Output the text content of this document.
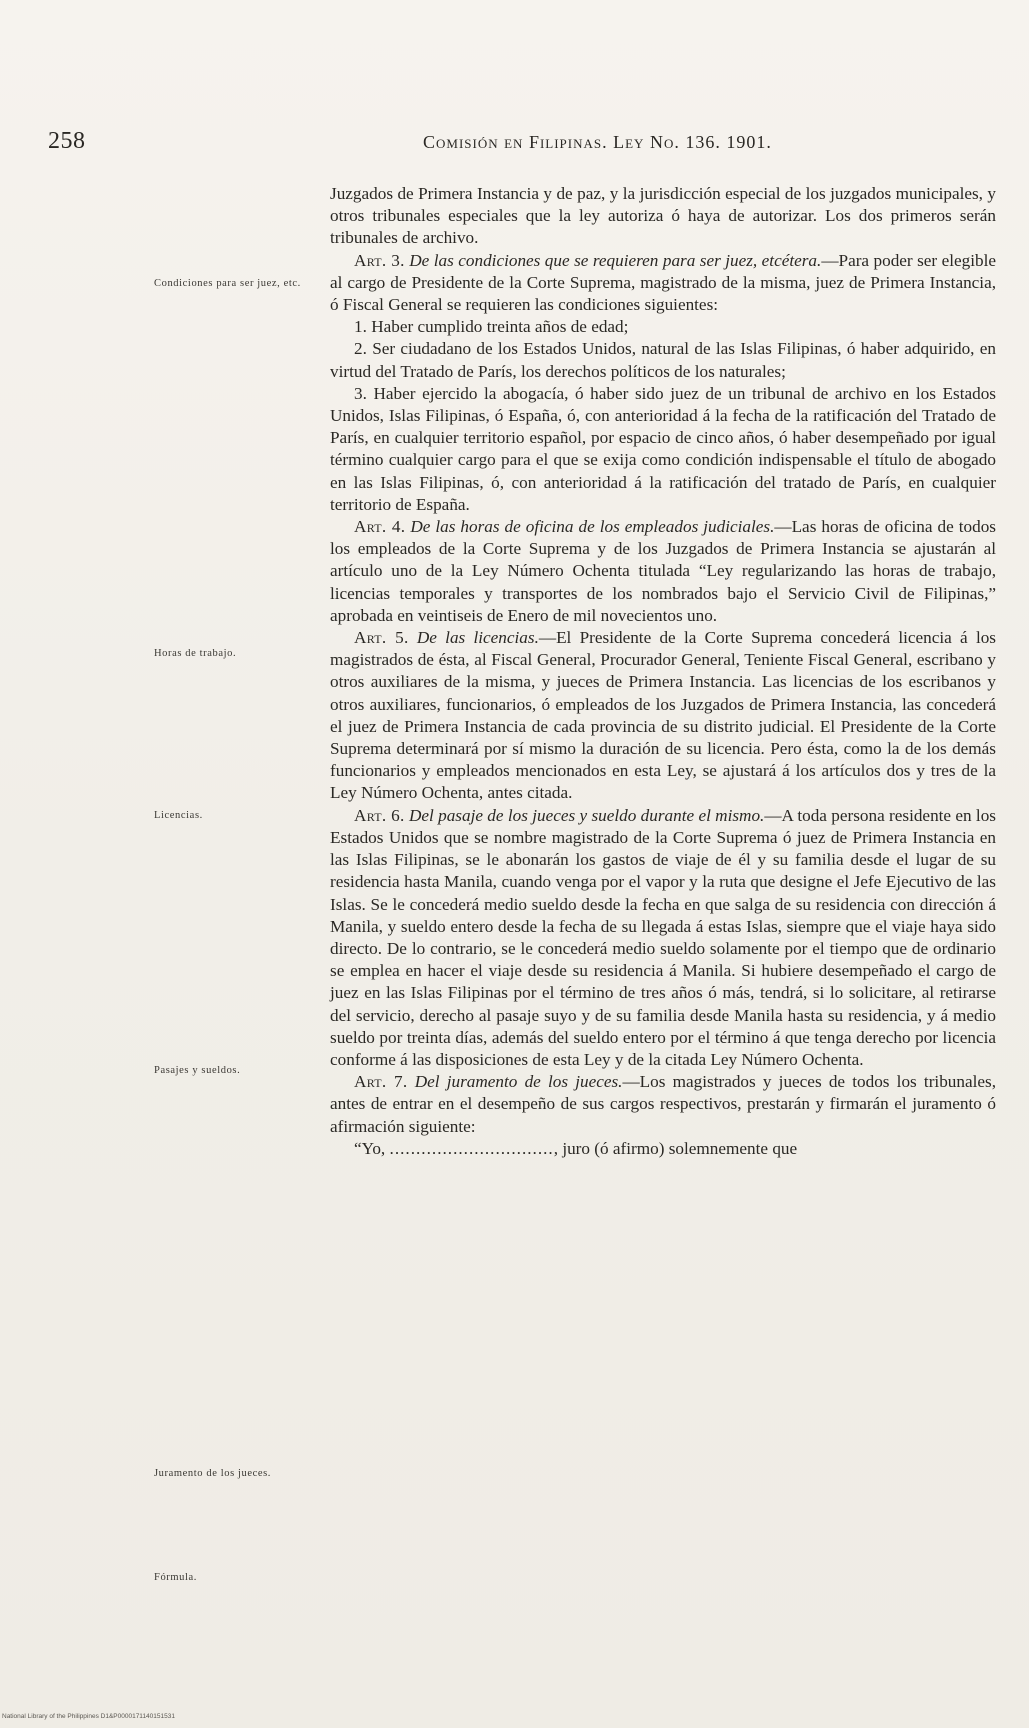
258	Comisión en Filipinas. Ley No. 136. 1901.
Condiciones para ser juez, etc.
Horas de trabajo.
Licencias.
Pasajes y sueldos.
Juramento de los jueces.
Fórmula.

Juzgados de Primera Instancia y de paz, y la jurisdicción especial de los juzgados municipales, y otros tribunales especiales que la ley autoriza ó haya de autorizar. Los dos primeros serán tribunales de archivo.

Art. 3. De las condiciones que se requieren para ser juez, etcétera.—Para poder ser elegible al cargo de Presidente de la Corte Suprema, magistrado de la misma, juez de Primera Instancia, ó Fiscal General se requieren las condiciones siguientes:

1. Haber cumplido treinta años de edad;

2. Ser ciudadano de los Estados Unidos, natural de las Islas Filipinas, ó haber adquirido, en virtud del Tratado de París, los derechos políticos de los naturales;

3. Haber ejercido la abogacía, ó haber sido juez de un tribunal de archivo en los Estados Unidos, Islas Filipinas, ó España, ó, con anterioridad á la fecha de la ratificación del Tratado de París, en cualquier territorio español, por espacio de cinco años, ó haber desempeñado por igual término cualquier cargo para el que se exija como condición indispensable el título de abogado en las Islas Filipinas, ó, con anterioridad á la ratificación del tratado de París, en cualquier territorio de España.

Art. 4. De las horas de oficina de los empleados judiciales.—Las horas de oficina de todos los empleados de la Corte Suprema y de los Juzgados de Primera Instancia se ajustarán al artículo uno de la Ley Número Ochenta titulada “Ley regularizando las horas de trabajo, licencias temporales y transportes de los nombrados bajo el Servicio Civil de Filipinas,” aprobada en veintiseis de Enero de mil novecientos uno.

Art. 5. De las licencias.—El Presidente de la Corte Suprema concederá licencia á los magistrados de ésta, al Fiscal General, Procurador General, Teniente Fiscal General, escribano y otros auxiliares de la misma, y jueces de Primera Instancia. Las licencias de los escribanos y otros auxiliares, funcionarios, ó empleados de los Juzgados de Primera Instancia, las concederá el juez de Primera Instancia de cada provincia de su distrito judicial. El Presidente de la Corte Suprema determinará por sí mismo la duración de su licencia. Pero ésta, como la de los demás funcionarios y empleados mencionados en esta Ley, se ajustará á los artículos dos y tres de la Ley Número Ochenta, antes citada.

Art. 6. Del pasaje de los jueces y sueldo durante el mismo.—A toda persona residente en los Estados Unidos que se nombre magistrado de la Corte Suprema ó juez de Primera Instancia en las Islas Filipinas, se le abonarán los gastos de viaje de él y su familia desde el lugar de su residencia hasta Manila, cuando venga por el vapor y la ruta que designe el Jefe Ejecutivo de las Islas. Se le concederá medio sueldo desde la fecha en que salga de su residencia con dirección á Manila, y sueldo entero desde la fecha de su llegada á estas Islas, siempre que el viaje haya sido directo. De lo contrario, se le concederá medio sueldo solamente por el tiempo que de ordinario se emplea en hacer el viaje desde su residencia á Manila. Si hubiere desempeñado el cargo de juez en las Islas Filipinas por el término de tres años ó más, tendrá, si lo solicitare, al retirarse del servicio, derecho al pasaje suyo y de su familia desde Manila hasta su residencia, y á medio sueldo por treinta días, además del sueldo entero por el término á que tenga derecho por licencia conforme á las disposiciones de esta Ley y de la citada Ley Número Ochenta.

Art. 7. Del juramento de los jueces.—Los magistrados y jueces de todos los tribunales, antes de entrar en el desempeño de sus cargos respectivos, prestarán y firmarán el juramento ó afirmación siguiente:

“Yo, ..............................., juro (ó afirmo) solemnemente que

National Library of the Philippines D1&P0000171140151531
